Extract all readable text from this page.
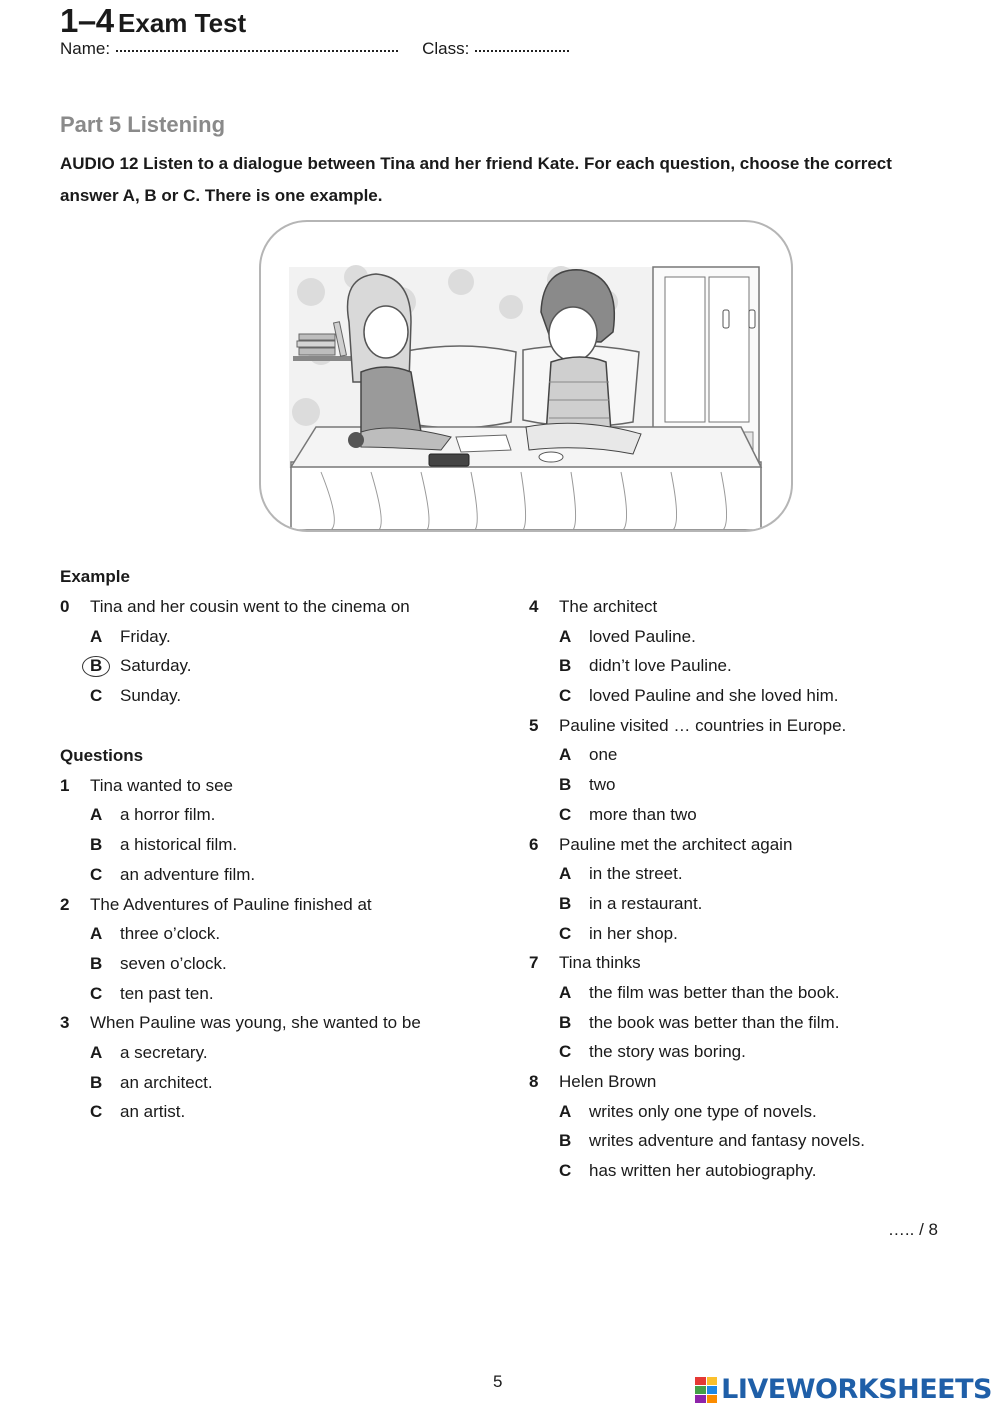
1–4 Exam Test
Name:	Class:
Part 5 Listening
AUDIO 12 Listen to a dialogue between Tina and her friend Kate. For each question, choose the correct answer A, B or C. There is one example.
Example
0 Tina and her cousin went to the cinema on
A Friday.
B Saturday.
C Sunday.
Questions
1 Tina wanted to see
A a horror film.
B a historical film.
C an adventure film.
2 The Adventures of Pauline finished at
A three o’clock.
B seven o’clock.
C ten past ten.
3 When Pauline was young, she wanted to be
A a secretary.
B an architect.
C an artist.
4 The architect
A loved Pauline.
B didn’t love Pauline.
C loved Pauline and she loved him.
5 Pauline visited … countries in Europe.
A one
B two
C more than two
6 Pauline met the architect again
A in the street.
B in a restaurant.
C in her shop.
7 Tina thinks
A the film was better than the book.
B the book was better than the film.
C the story was boring.
8 Helen Brown
A writes only one type of novels.
B writes adventure and fantasy novels.
C has written her autobiography.
….. / 8
5	LIVEWORKSHEETS
